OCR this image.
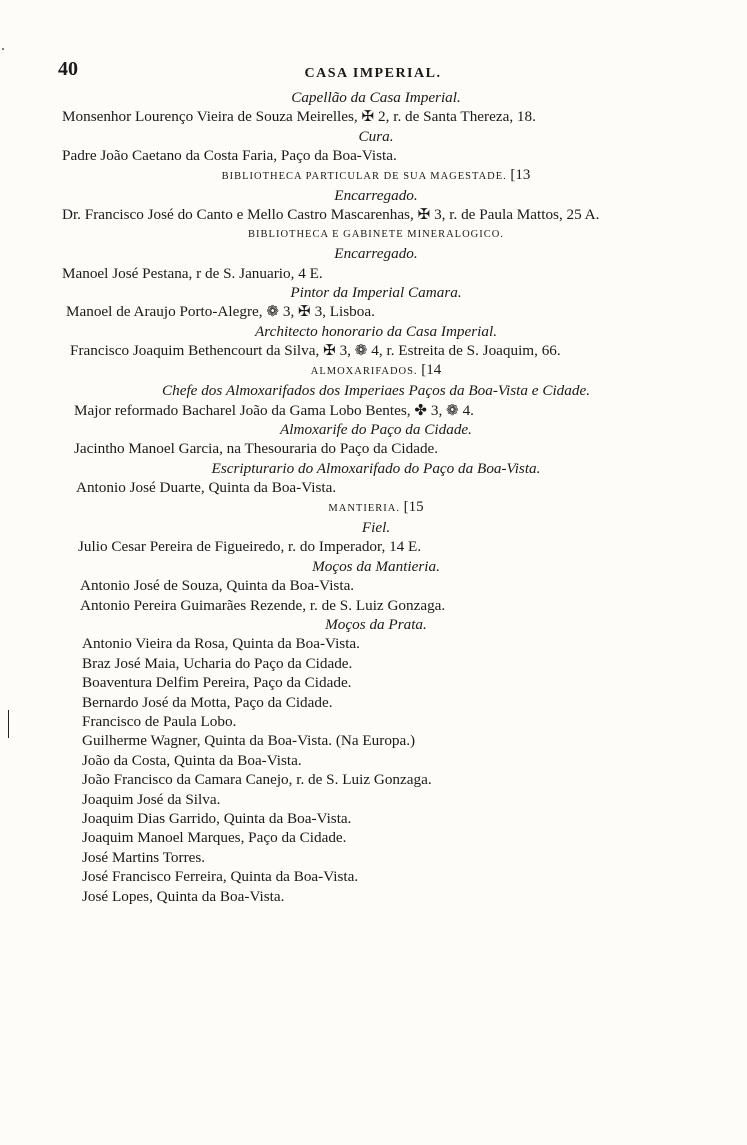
40	CASA IMPERIAL.
Capellão da Casa Imperial.
Monsenhor Lourenço Vieira de Souza Meirelles, ✠ 2, r. de Santa Thereza, 18.
Cura.
Padre João Caetano da Costa Faria, Paço da Boa-Vista.
BIBLIOTHECA PARTICULAR DE SUA MAGESTADE. [13
Encarregado.
Dr. Francisco José do Canto e Mello Castro Mascarenhas, ✠ 3, r. de Paula Mattos, 25 A.
BIBLIOTHECA E GABINETE MINERALOGICO.
Encarregado.
Manoel José Pestana, r de S. Januario, 4 E.
Pintor da Imperial Camara.
Manoel de Araujo Porto-Alegre, ❁ 3, ✠ 3, Lisboa.
Architecto honorario da Casa Imperial.
Francisco Joaquim Bethencourt da Silva, ✠ 3, ❁ 4, r. Estreita de S. Joaquim, 66.
ALMOXARIFADOS. [14
Chefe dos Almoxarifados dos Imperiaes Paços da Boa-Vista e Cidade.
Major reformado Bacharel João da Gama Lobo Bentes, ✤ 3, ❁ 4.
Almoxarife do Paço da Cidade.
Jacintho Manoel Garcia, na Thesouraria do Paço da Cidade.
Escripturario do Almoxarifado do Paço da Boa-Vista.
Antonio José Duarte, Quinta da Boa-Vista.
MANTIERIA. [15
Fiel.
Julio Cesar Pereira de Figueiredo, r. do Imperador, 14 E.
Moços da Mantieria.
Antonio José de Souza, Quinta da Boa-Vista.
Antonio Pereira Guimarães Rezende, r. de S. Luiz Gonzaga.
Moços da Prata.
Antonio Vieira da Rosa, Quinta da Boa-Vista.
Braz José Maia, Ucharia do Paço da Cidade.
Boaventura Delfim Pereira, Paço da Cidade.
Bernardo José da Motta, Paço da Cidade.
Francisco de Paula Lobo.
Guilherme Wagner, Quinta da Boa-Vista. (Na Europa.)
João da Costa, Quinta da Boa-Vista.
João Francisco da Camara Canejo, r. de S. Luiz Gonzaga.
Joaquim José da Silva.
Joaquim Dias Garrido, Quinta da Boa-Vista.
Joaquim Manoel Marques, Paço da Cidade.
José Martins Torres.
José Francisco Ferreira, Quinta da Boa-Vista.
José Lopes, Quinta da Boa-Vista.
